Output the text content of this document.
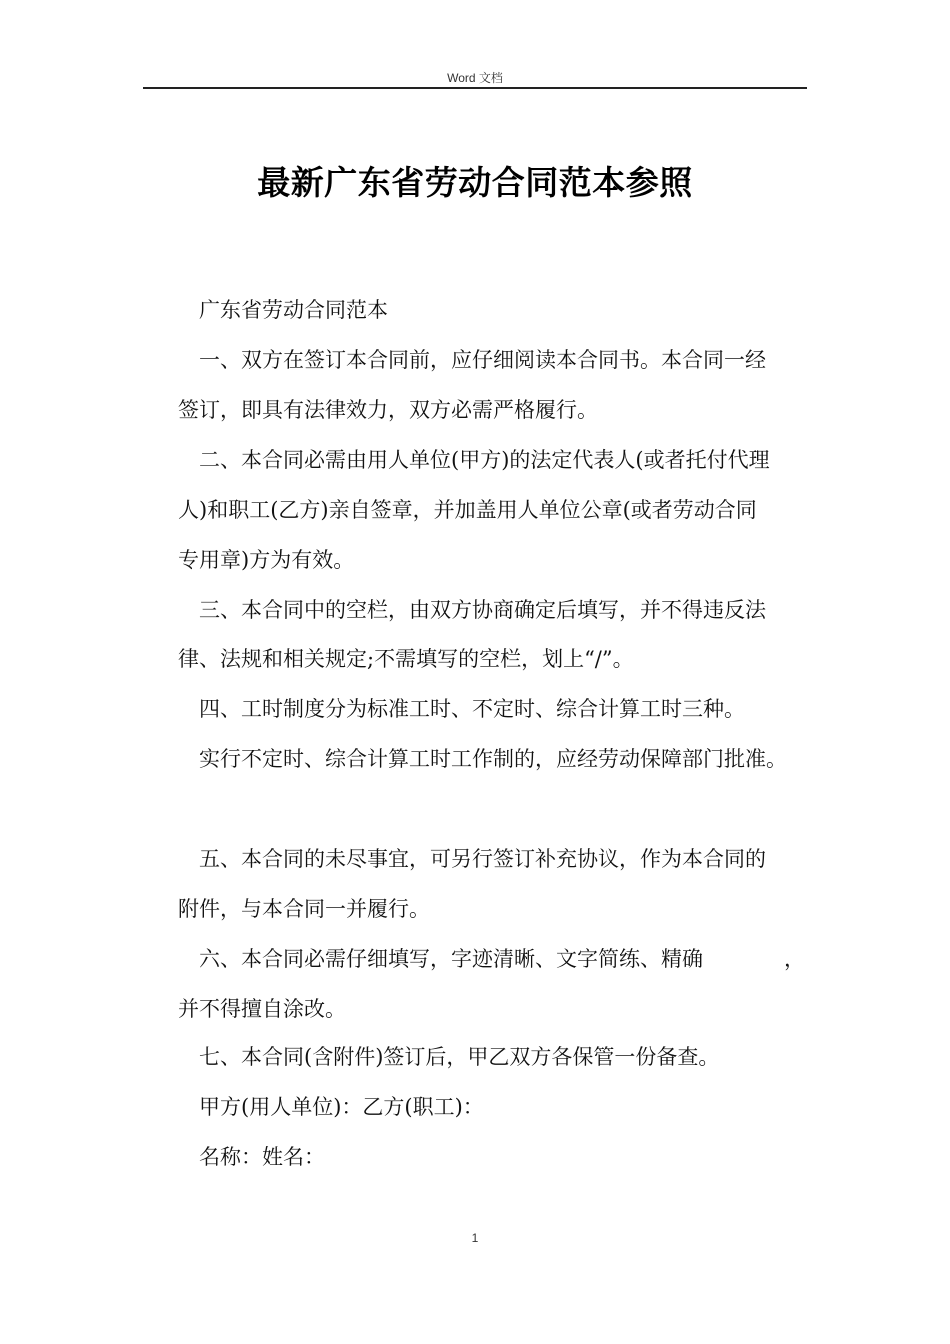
Word 文档
最新广东省劳动合同范本参照
广东省劳动合同范本
一、双方在签订本合同前，应仔细阅读本合同书。本合同一经
签订，即具有法律效力，双方必需严格履行。
二、本合同必需由用人单位(甲方)的法定代表人(或者托付代理
人)和职工(乙方)亲自签章，并加盖用人单位公章(或者劳动合同
专用章)方为有效。
三、本合同中的空栏，由双方协商确定后填写，并不得违反法
律、法规和相关规定;不需填写的空栏，划上“/”。
四、工时制度分为标准工时、不定时、综合计算工时三种。
实行不定时、综合计算工时工作制的，应经劳动保障部门批准。
五、本合同的未尽事宜，可另行签订补充协议，作为本合同的
附件，与本合同一并履行。
六、本合同必需仔细填写，字迹清晰、文字简练、精确	，
并不得擅自涂改。
七、本合同(含附件)签订后，甲乙双方各保管一份备查。
甲方(用人单位)：乙方(职工)：
名称：姓名：
1
